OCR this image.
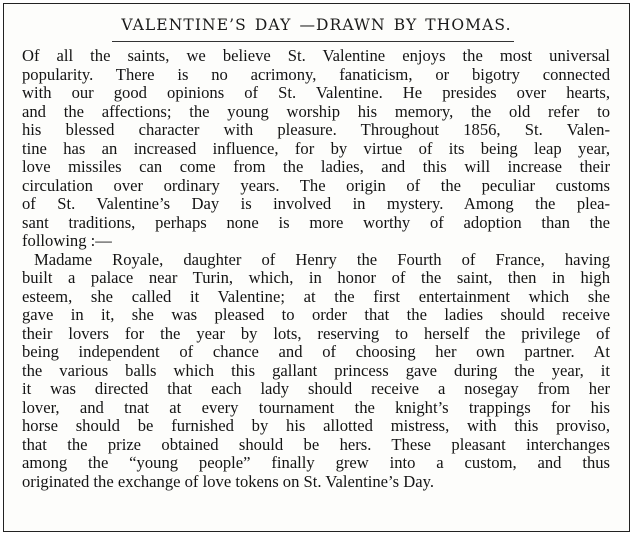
VALENTINE’S DAY —DRAWN BY THOMAS.
Of all the saints, we believe St. Valentine enjoys the most universal
popularity. There is no acrimony, fanaticism, or bigotry connected
with our good opinions of St. Valentine. He presides over hearts,
and the affections; the young worship his memory, the old refer to
his blessed character with pleasure. Throughout 1856, St. Valen-
tine has an increased influence, for by virtue of its being leap year,
love missiles can come from the ladies, and this will increase their
circulation over ordinary years. The origin of the peculiar customs
of St. Valentine’s Day is involved in mystery. Among the plea-
sant traditions, perhaps none is more worthy of adoption than the
following :—
Madame Royale, daughter of Henry the Fourth of France, having
built a palace near Turin, which, in honor of the saint, then in high
esteem, she called it Valentine; at the first entertainment which she
gave in it, she was pleased to order that the ladies should receive
their lovers for the year by lots, reserving to herself the privilege of
being independent of chance and of choosing her own partner. At
the various balls which this gallant princess gave during the year, it
it was directed that each lady should receive a nosegay from her
lover, and tnat at every tournament the knight’s trappings for his
horse should be furnished by his allotted mistress, with this proviso,
that the prize obtained should be hers. These pleasant interchanges
among the “young people” finally grew into a custom, and thus
originated the exchange of love tokens on St. Valentine’s Day.
